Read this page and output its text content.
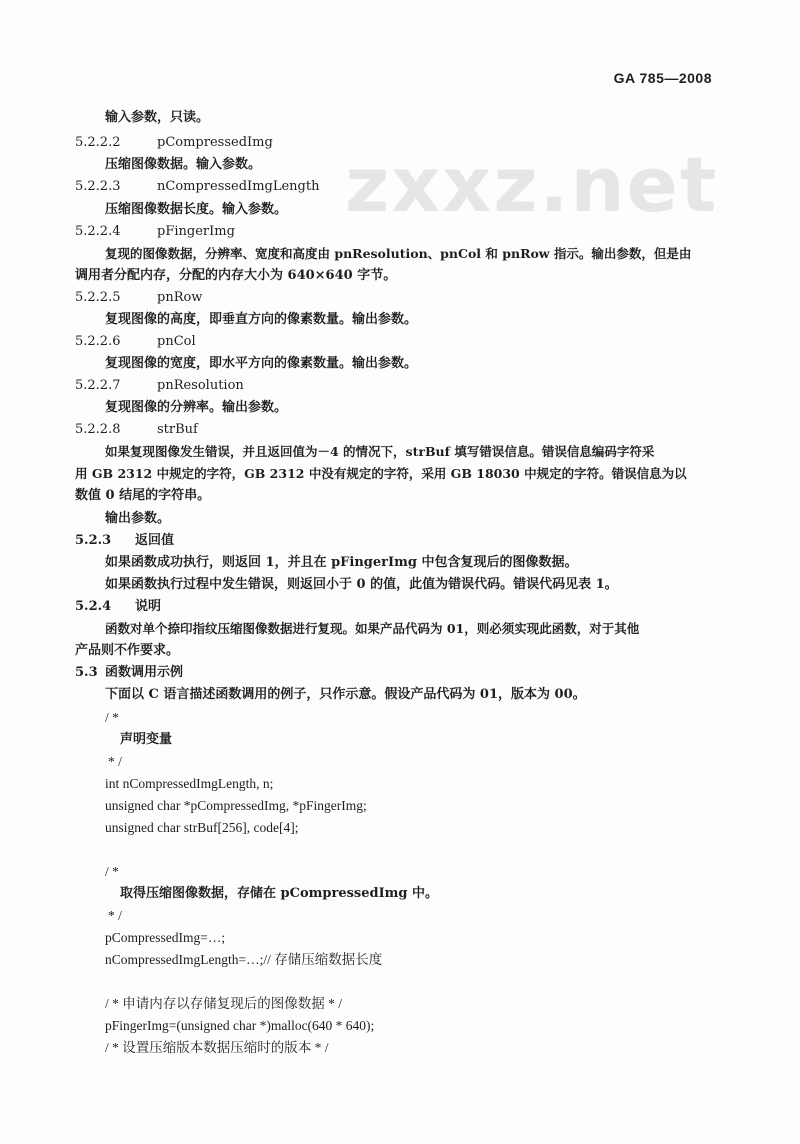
GA 785—2008
zxxz.net
输入参数，只读。
5.2.2.2	pCompressedImg
压缩图像数据。输入参数。
5.2.2.3	nCompressedImgLength
压缩图像数据长度。输入参数。
5.2.2.4	pFingerImg
复现的图像数据，分辨率、宽度和高度由 pnResolution、pnCol 和 pnRow 指示。输出参数，但是由
调用者分配内存，分配的内存大小为 640×640 字节。
5.2.2.5	pnRow
复现图像的高度，即垂直方向的像素数量。输出参数。
5.2.2.6	pnCol
复现图像的宽度，即水平方向的像素数量。输出参数。
5.2.2.7	pnResolution
复现图像的分辨率。输出参数。
5.2.2.8	strBuf
如果复现图像发生错误，并且返回值为－4 的情况下，strBuf 填写错误信息。错误信息编码字符采
用 GB 2312 中规定的字符，GB 2312 中没有规定的字符，采用 GB 18030 中规定的字符。错误信息为以
数值 0 结尾的字符串。
输出参数。
5.2.3 返回值
如果函数成功执行，则返回 1，并且在 pFingerImg 中包含复现后的图像数据。
如果函数执行过程中发生错误，则返回小于 0 的值，此值为错误代码。错误代码见表 1。
5.2.4 说明
函数对单个捺印指纹压缩图像数据进行复现。如果产品代码为 01，则必须实现此函数，对于其他
产品则不作要求。
5.3 函数调用示例
下面以 C 语言描述函数调用的例子，只作示意。假设产品代码为 01，版本为 00。
/ *
声明变量
* /
int nCompressedImgLength, n;
unsigned char *pCompressedImg, *pFingerImg;
unsigned char strBuf[256], code[4];
/ *
取得压缩图像数据，存储在 pCompressedImg 中。
* /
pCompressedImg=…;
nCompressedImgLength=…;// 存储压缩数据长度
/ * 申请内存以存储复现后的图像数据 * /
pFingerImg=(unsigned char *)malloc(640 * 640);
/ * 设置压缩版本数据压缩时的版本 * /
